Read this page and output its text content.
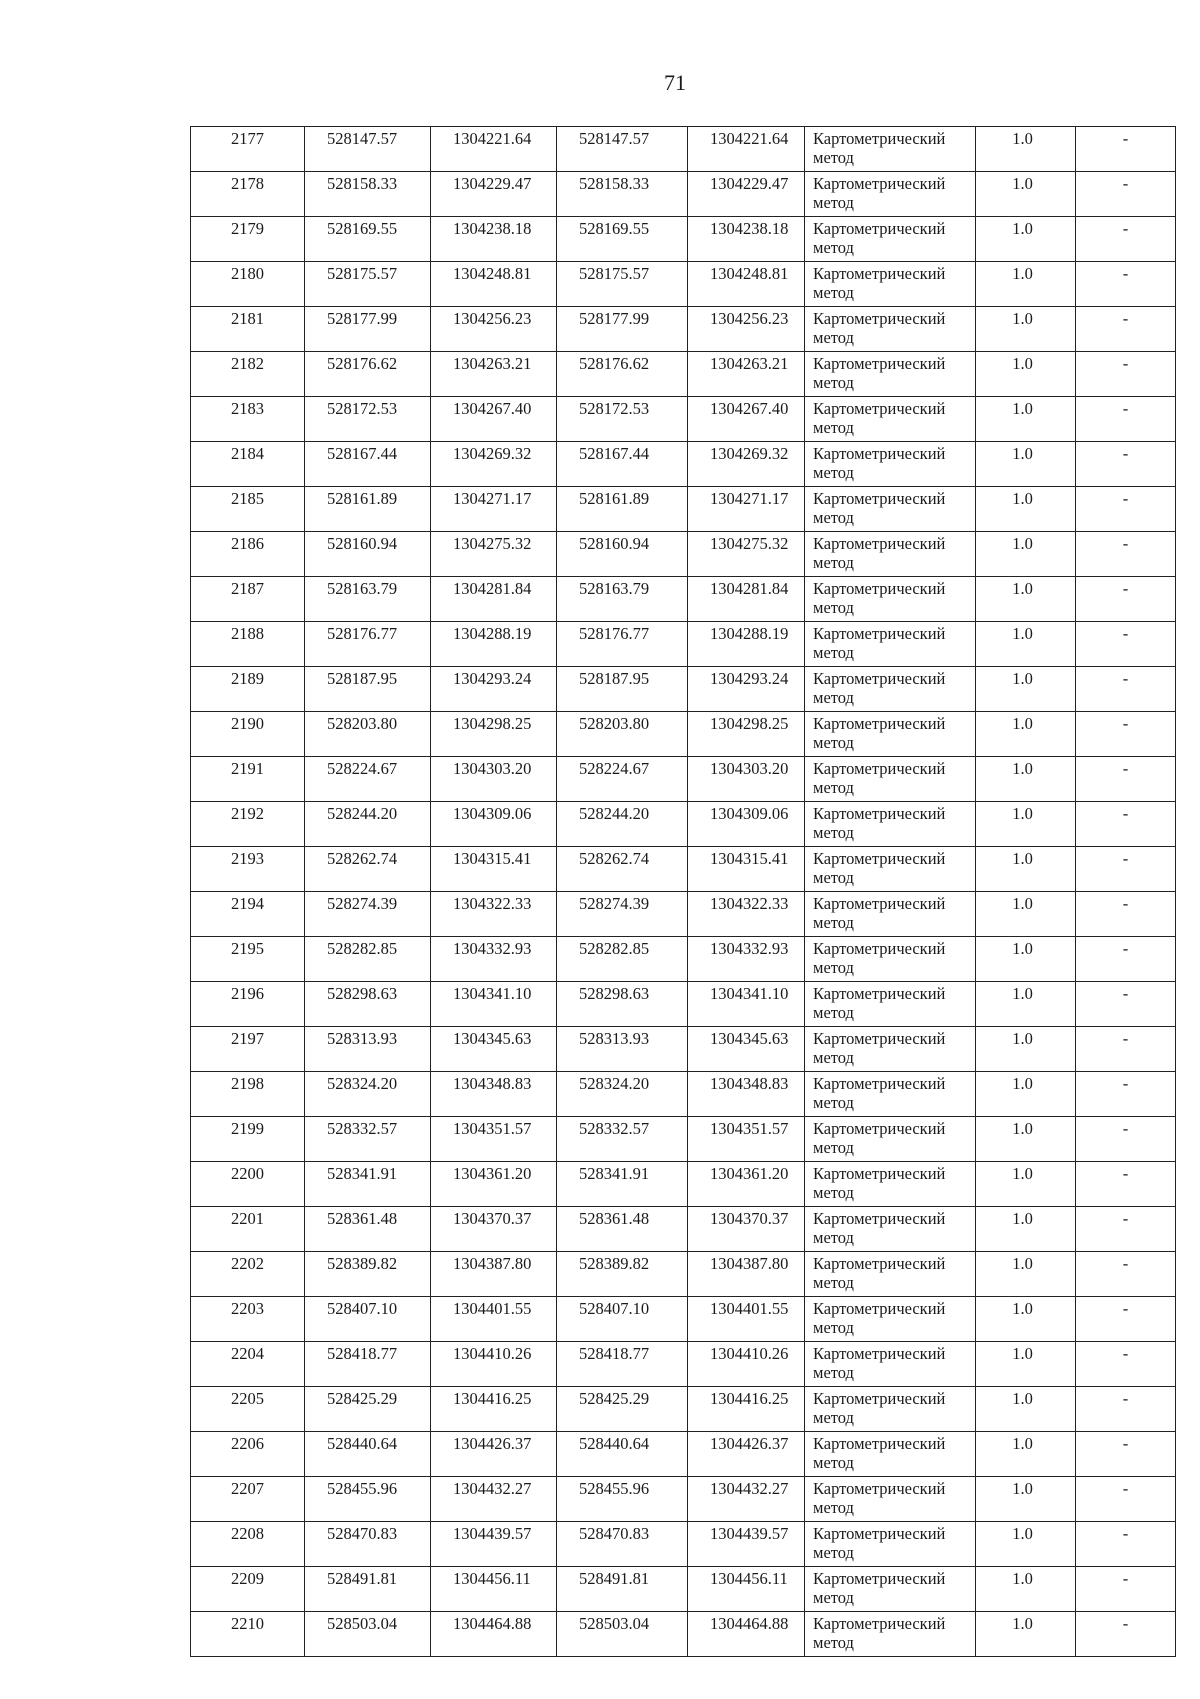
71
2177	528147.57	1304221.64	528147.57	1304221.64	Картометрический метод	1.0	-
2178	528158.33	1304229.47	528158.33	1304229.47	Картометрический метод	1.0	-
2179	528169.55	1304238.18	528169.55	1304238.18	Картометрический метод	1.0	-
2180	528175.57	1304248.81	528175.57	1304248.81	Картометрический метод	1.0	-
2181	528177.99	1304256.23	528177.99	1304256.23	Картометрический метод	1.0	-
2182	528176.62	1304263.21	528176.62	1304263.21	Картометрический метод	1.0	-
2183	528172.53	1304267.40	528172.53	1304267.40	Картометрический метод	1.0	-
2184	528167.44	1304269.32	528167.44	1304269.32	Картометрический метод	1.0	-
2185	528161.89	1304271.17	528161.89	1304271.17	Картометрический метод	1.0	-
2186	528160.94	1304275.32	528160.94	1304275.32	Картометрический метод	1.0	-
2187	528163.79	1304281.84	528163.79	1304281.84	Картометрический метод	1.0	-
2188	528176.77	1304288.19	528176.77	1304288.19	Картометрический метод	1.0	-
2189	528187.95	1304293.24	528187.95	1304293.24	Картометрический метод	1.0	-
2190	528203.80	1304298.25	528203.80	1304298.25	Картометрический метод	1.0	-
2191	528224.67	1304303.20	528224.67	1304303.20	Картометрический метод	1.0	-
2192	528244.20	1304309.06	528244.20	1304309.06	Картометрический метод	1.0	-
2193	528262.74	1304315.41	528262.74	1304315.41	Картометрический метод	1.0	-
2194	528274.39	1304322.33	528274.39	1304322.33	Картометрический метод	1.0	-
2195	528282.85	1304332.93	528282.85	1304332.93	Картометрический метод	1.0	-
2196	528298.63	1304341.10	528298.63	1304341.10	Картометрический метод	1.0	-
2197	528313.93	1304345.63	528313.93	1304345.63	Картометрический метод	1.0	-
2198	528324.20	1304348.83	528324.20	1304348.83	Картометрический метод	1.0	-
2199	528332.57	1304351.57	528332.57	1304351.57	Картометрический метод	1.0	-
2200	528341.91	1304361.20	528341.91	1304361.20	Картометрический метод	1.0	-
2201	528361.48	1304370.37	528361.48	1304370.37	Картометрический метод	1.0	-
2202	528389.82	1304387.80	528389.82	1304387.80	Картометрический метод	1.0	-
2203	528407.10	1304401.55	528407.10	1304401.55	Картометрический метод	1.0	-
2204	528418.77	1304410.26	528418.77	1304410.26	Картометрический метод	1.0	-
2205	528425.29	1304416.25	528425.29	1304416.25	Картометрический метод	1.0	-
2206	528440.64	1304426.37	528440.64	1304426.37	Картометрический метод	1.0	-
2207	528455.96	1304432.27	528455.96	1304432.27	Картометрический метод	1.0	-
2208	528470.83	1304439.57	528470.83	1304439.57	Картометрический метод	1.0	-
2209	528491.81	1304456.11	528491.81	1304456.11	Картометрический метод	1.0	-
2210	528503.04	1304464.88	528503.04	1304464.88	Картометрический метод	1.0	-
